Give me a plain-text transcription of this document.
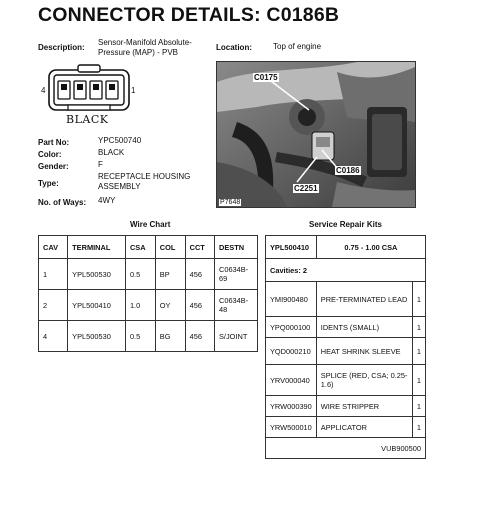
CONNECTOR DETAILS: C0186B
Description:
Sensor-Manifold Absolute-Pressure (MAP) - PVB
Location:	Top of engine
4	1
BLACK
Part No:	YPC500740
Color:	BLACK
Gender:	F
Type:
RECEPTACLE HOUSING ASSEMBLY
No. of Ways: 4WY
C0175
C0186
C2251
P7648
Wire Chart	Service Repair Kits
CAV	TERMINAL	CSA	COL	CCT	DESTN
1	YPL500530	0.5	BP	456	C0634B-69
2	YPL500410	1.0	OY	456	C0634B-48
4	YPL500530	0.5	BG	456	S/JOINT
YPL500410	0.75 - 1.00 CSA	
Cavities: 2		
YMI900480	PRE-TERMINATED LEAD	1
YPQ000100	IDENTS (SMALL)	1
YQD000210	HEAT SHRINK SLEEVE	1
YRV000040	SPLICE (RED, CSA; 0.25-1.6)	1
YRW000390	WIRE STRIPPER	1
YRW500010	APPLICATOR	1
VUB900500		
